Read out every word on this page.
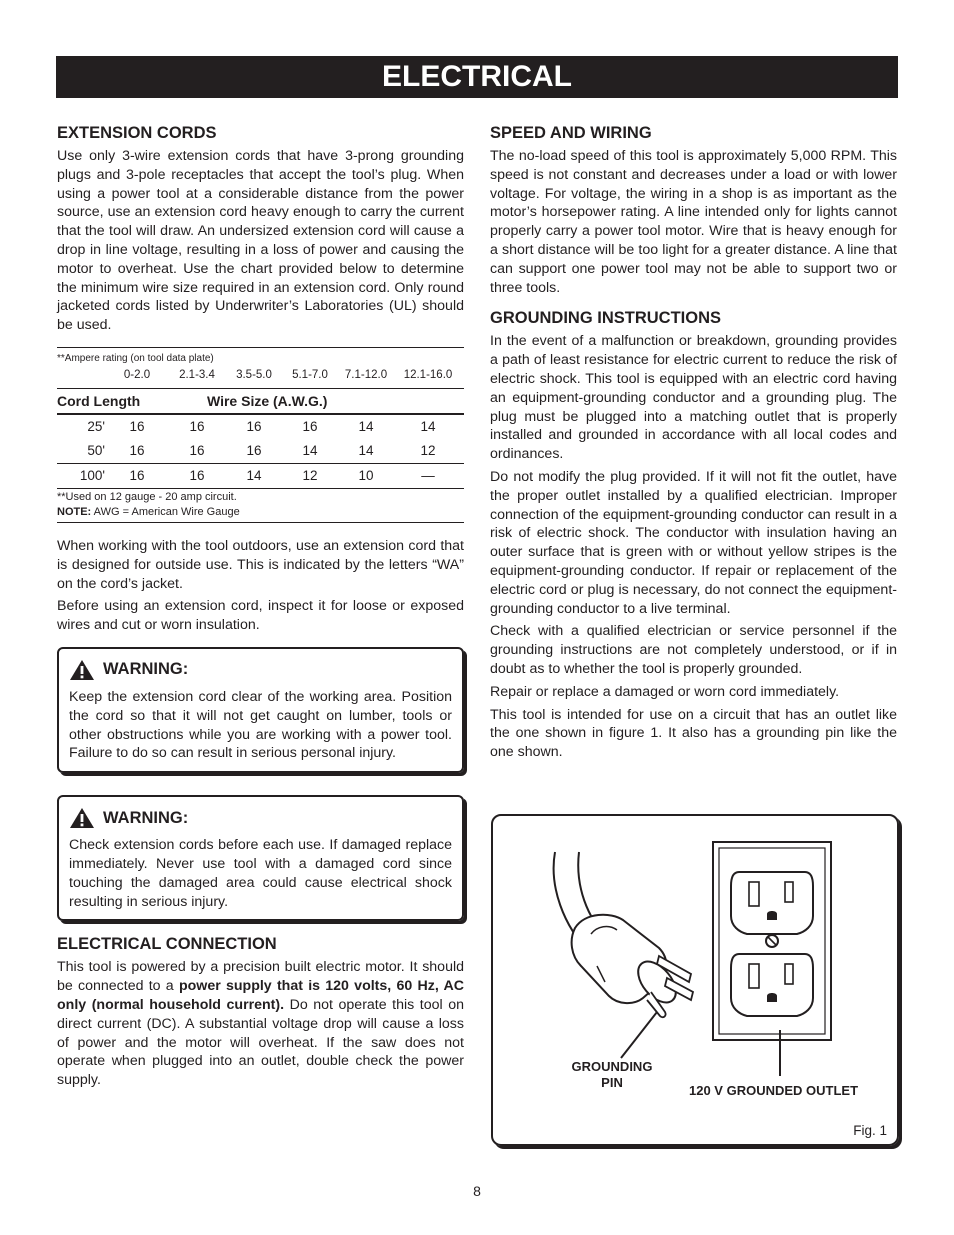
ELECTRICAL
EXTENSION CORDS

Use only 3-wire extension cords that have 3-prong grounding plugs and 3-pole receptacles that accept the tool’s plug. When using a power tool at a considerable distance from the power source, use an extension cord heavy enough to carry the current that the tool will draw. An undersized extension cord will cause a drop in line voltage, resulting in a loss of power and causing the motor to overheat. Use the chart provided below to determine the minimum wire size required in an extension cord. Only round jacketed cords listed by Underwriter’s Laboratories (UL) should be used.

**Ampere rating (on tool data plate)
0-2.0	2.1-3.4	3.5-5.0	5.1-7.0	7.1-12.0	12.1-16.0
Cord Length	Wire Size (A.W.G.)
25'	16	16	16	16	14	14
50'	16	16	16	14	14	12
100'	16	16	14	12	10	—
**Used on 12 gauge - 20 amp circuit.
NOTE: AWG = American Wire Gauge

When working with the tool outdoors, use an extension cord that is designed for outside use. This is indicated by the letters “WA” on the cord’s jacket.

Before using an extension cord, inspect it for loose or exposed wires and cut or worn insulation.

WARNING:

Keep the extension cord clear of the working area. Position the cord so that it will not get caught on lumber, tools or other obstructions while you are working with a power tool. Failure to do so can result in serious personal injury.

WARNING:

Check extension cords before each use. If damaged replace immediately. Never use tool with a damaged cord since touching the damaged area could cause electrical shock resulting in serious injury.

ELECTRICAL CONNECTION

This tool is powered by a precision built electric motor. It should be connected to a power supply that is 120 volts, 60 Hz, AC only (normal household current). Do not operate this tool on direct current (DC). A substantial voltage drop will cause a loss of power and the motor will overheat. If the saw does not operate when plugged into an outlet, double check the power supply.

SPEED AND WIRING

The no-load speed of this tool is approximately 5,000 RPM. This speed is not constant and decreases under a load or with lower voltage. For voltage, the wiring in a shop is as important as the motor’s horsepower rating. A line intended only for lights cannot properly carry a power tool motor. Wire that is heavy enough for a short distance will be too light for a greater distance. A line that can support one power tool may not be able to support two or three tools.

GROUNDING INSTRUCTIONS

In the event of a malfunction or breakdown, grounding provides a path of least resistance for electric current to reduce the risk of electric shock. This tool is equipped with an electric cord having an equipment-grounding conductor and a grounding plug. The plug must be plugged into a matching outlet that is properly installed and grounded in accordance with all local codes and ordinances.

Do not modify the plug provided. If it will not fit the outlet, have the proper outlet installed by a qualified electrician. Improper connection of the equipment-grounding conductor can result in a risk of electric shock. The conductor with insulation having an outer surface that is green with or without yellow stripes is the equipment-grounding conductor. If repair or replacement of the electric cord or plug is necessary, do not connect the equipment-grounding conductor to a live terminal.

Check with a qualified electrician or service personnel if the grounding instructions are not completely understood, or if in doubt as to whether the tool is properly grounded.

Repair or replace a damaged or worn cord immediately.

This tool is intended for use on a circuit that has an outlet like the one shown in figure 1. It also has a grounding pin like the one shown.

GROUNDING PIN
120 V GROUNDED OUTLET
Fig. 1
8
